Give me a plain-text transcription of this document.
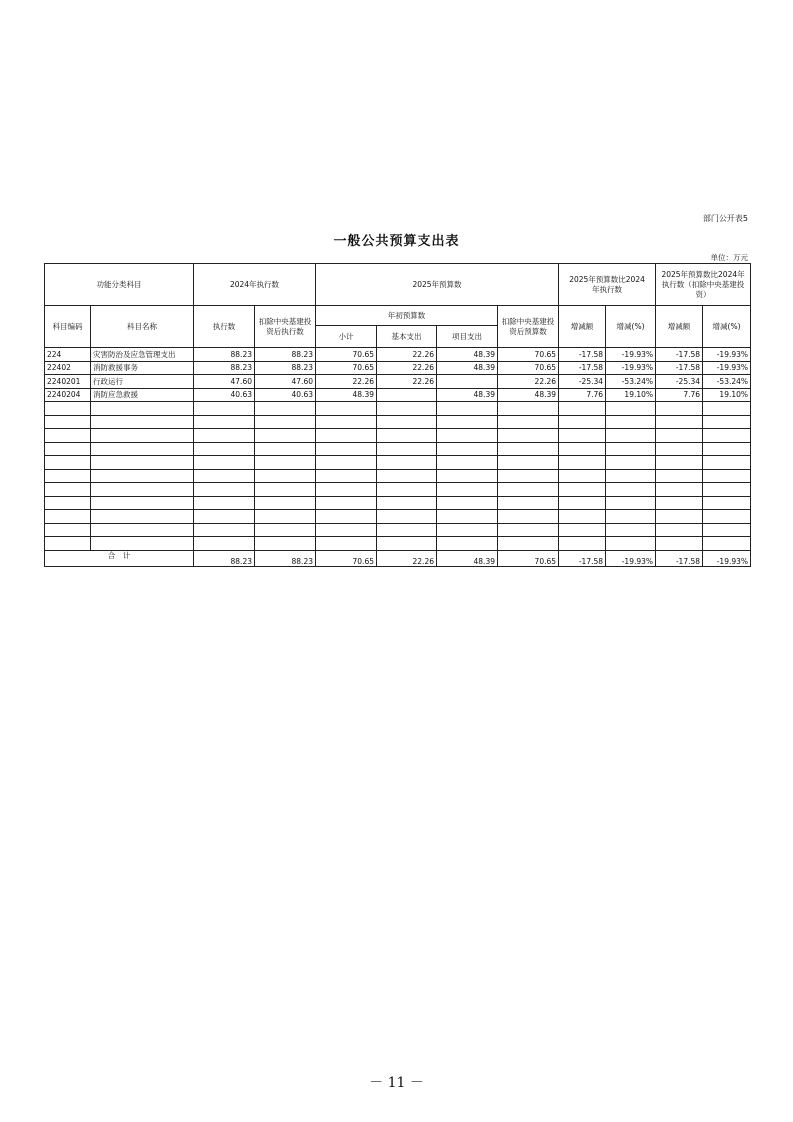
部门公开表5
一般公共预算支出表
单位：万元
功能分类科目		2024年执行数		2025年预算数				2025年预算数比2024年执行数		2025年预算数比2024年执行数（扣除中央基建投资）	

科目编码	科目名称	执行数	扣除中央基建投资后执行数	年初预算数			扣除中央基建投资后预算数	增减额	增减(%)	增减额	增减(%)
				小计	基本支出	项目支出					
224	灾害防治及应急管理支出	88.23	88.23	70.65	22.26	48.39	70.65	-17.58	-19.93%	-17.58	-19.93%
22402	消防救援事务	88.23	88.23	70.65	22.26	48.39	70.65	-17.58	-19.93%	-17.58	-19.93%
2240201	行政运行	47.60	47.60	22.26	22.26		22.26	-25.34	-53.24%	-25.34	-53.24%
2240204	消防应急救援	40.63	40.63	48.39		48.39	48.39	7.76	19.10%	7.76	19.10%

合　计		88.23	88.23	70.65	22.26	48.39	70.65	-17.58	-19.93%	-17.58	-19.93%
－ 11 －
